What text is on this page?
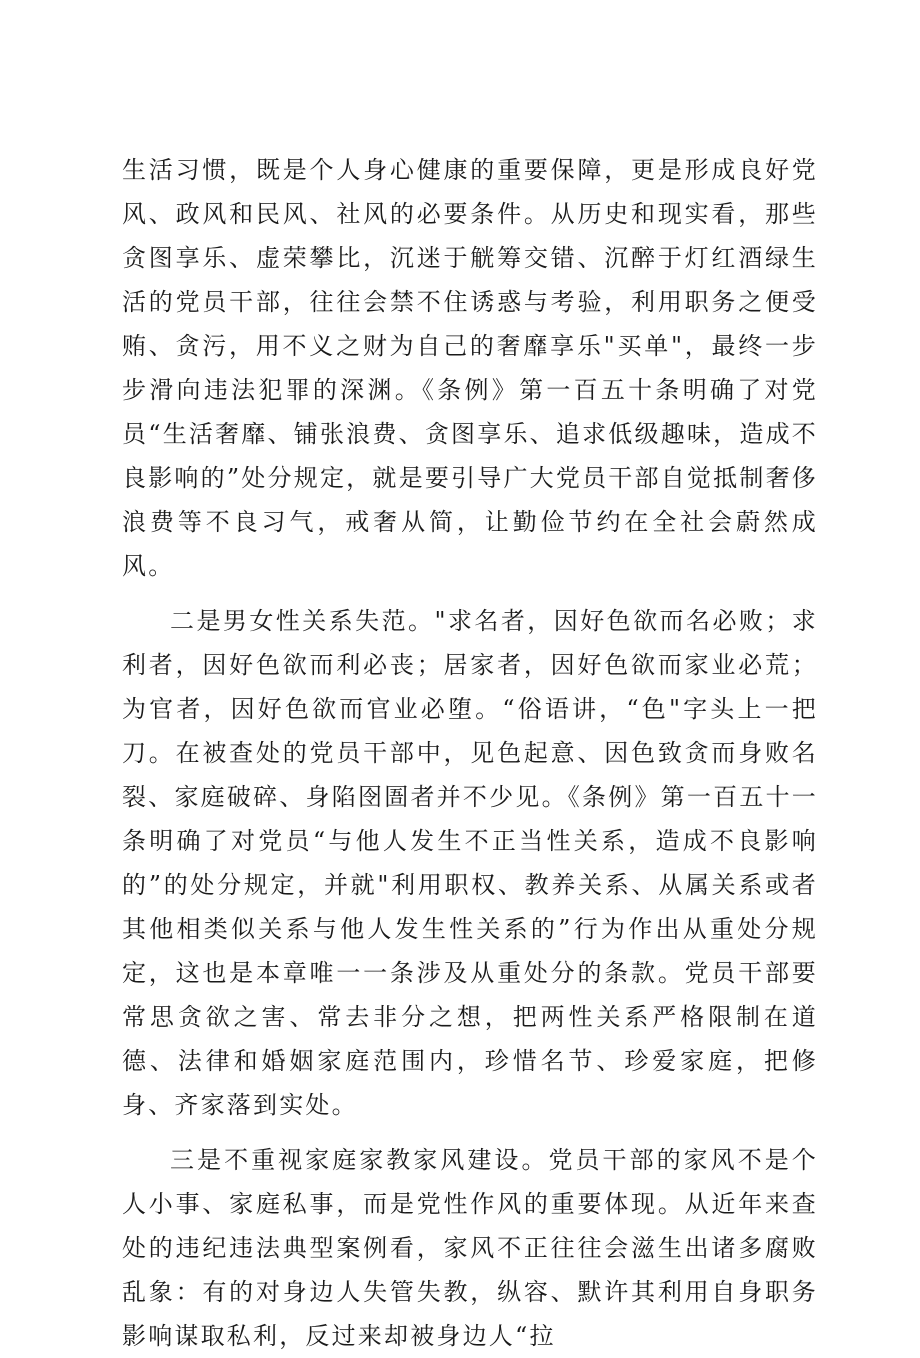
生活习惯，既是个人身心健康的重要保障，更是形成良好党风、政风和民风、社风的必要条件。从历史和现实看，那些贪图享乐、虚荣攀比，沉迷于觥筹交错、沉醉于灯红酒绿生活的党员干部，往往会禁不住诱惑与考验，利用职务之便受贿、贪污，用不义之财为自己的奢靡享乐"买单"，最终一步步滑向违法犯罪的深渊。《条例》第一百五十条明确了对党员“生活奢靡、铺张浪费、贪图享乐、追求低级趣味，造成不良影响的”处分规定，就是要引导广大党员干部自觉抵制奢侈浪费等不良习气，戒奢从简，让勤俭节约在全社会蔚然成风。

二是男女性关系失范。"求名者，因好色欲而名必败；求利者，因好色欲而利必丧；居家者，因好色欲而家业必荒；为官者，因好色欲而官业必堕。“俗语讲，“色"字头上一把刀。在被查处的党员干部中，见色起意、因色致贪而身败名裂、家庭破碎、身陷囹圄者并不少见。《条例》第一百五十一条明确了对党员“与他人发生不正当性关系，造成不良影响的”的处分规定，并就"利用职权、教养关系、从属关系或者其他相类似关系与他人发生性关系的”行为作出从重处分规定，这也是本章唯一一条涉及从重处分的条款。党员干部要常思贪欲之害、常去非分之想，把两性关系严格限制在道德、法律和婚姻家庭范围内，珍惜名节、珍爱家庭，把修身、齐家落到实处。

三是不重视家庭家教家风建设。党员干部的家风不是个人小事、家庭私事，而是党性作风的重要体现。从近年来查处的违纪违法典型案例看，家风不正往往会滋生出诸多腐败乱象：有的对身边人失管失教，纵容、默许其利用自身职务影响谋取私利，反过来却被身边人“拉
